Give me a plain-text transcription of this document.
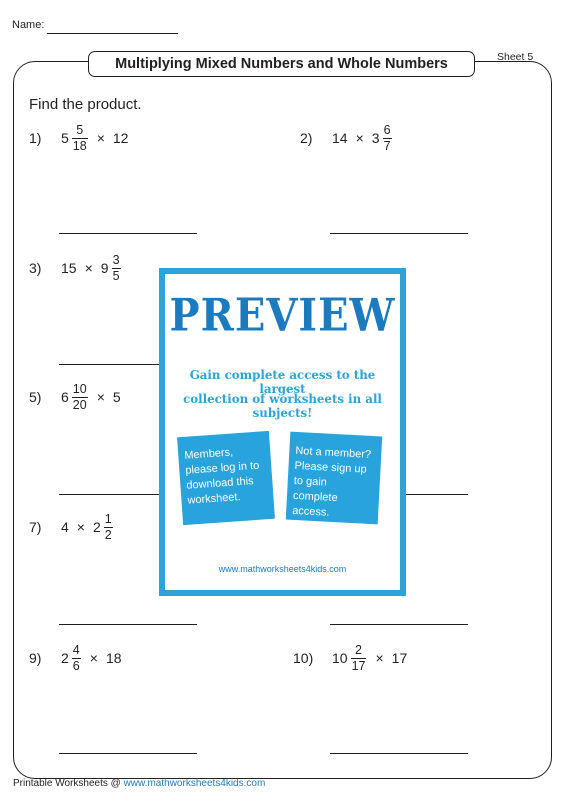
Name:
Multiplying Mixed Numbers and Whole Numbers	Sheet 5
Find the product.
1)	$5 \frac{5}{18} \times 12$	2)	$14 \times 3 \frac{6}{7}$
3)	$15 \times 9 \frac{3}{5}$
5)	$6 \frac{10}{20} \times 5$
7)	$4 \times 2 \frac{1}{2}$
9)	$2 \frac{4}{6} \times 18$	10)	$10 \frac{2}{17} \times 17$
PREVIEW
Gain complete access to the largest
collection of worksheets in all subjects!
Members, please log in to download this worksheet.
Not a member? Please sign up to gain complete access.
www.mathworksheets4kids.com
Printable Worksheets @ www.mathworksheets4kids.com
